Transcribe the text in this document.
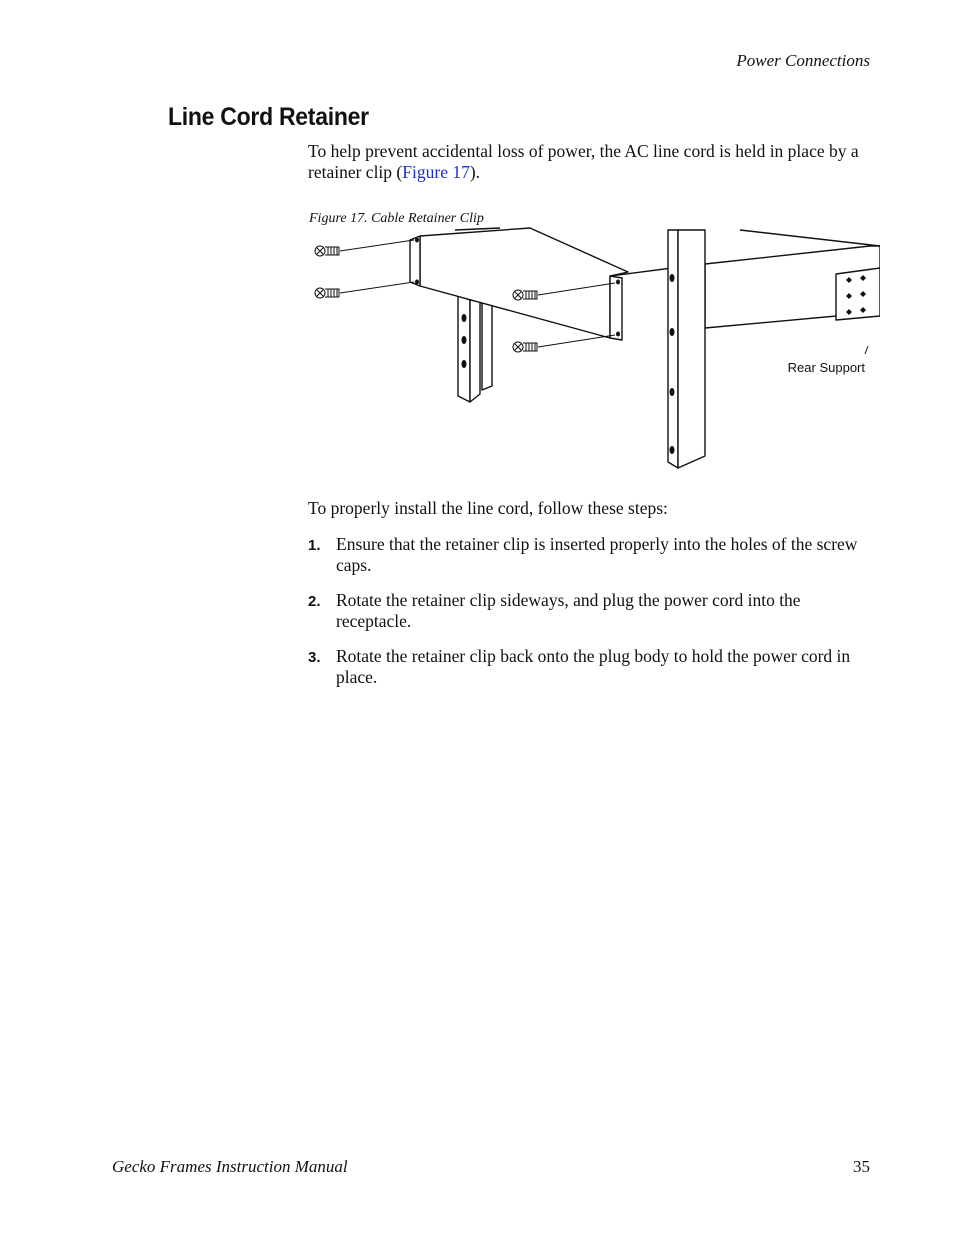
Power Connections
Line Cord Retainer

To help prevent accidental loss of power, the AC line cord is held in place by a retainer clip (Figure 17).

Figure 17. Cable Retainer Clip
Rear Support

To properly install the line cord, follow these steps:

1. Ensure that the retainer clip is inserted properly into the holes of the screw caps.
2. Rotate the retainer clip sideways, and plug the power cord into the receptacle.
3. Rotate the retainer clip back onto the plug body to hold the power cord in place.
Gecko Frames Instruction Manual	35
